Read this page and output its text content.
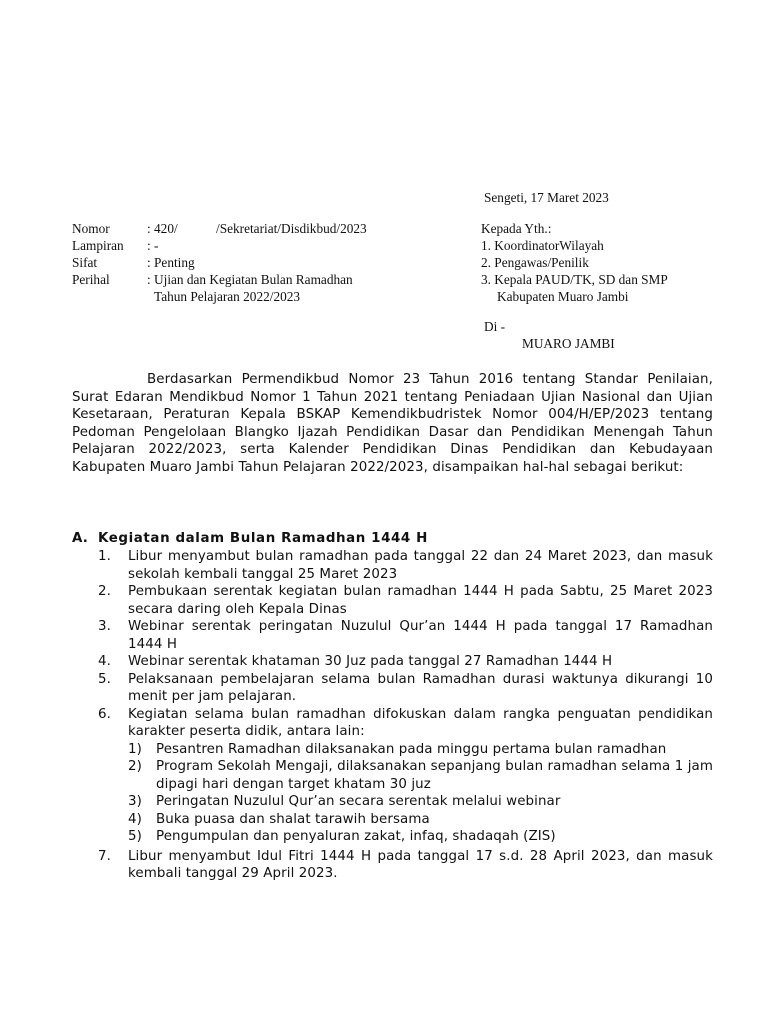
Sengeti, 17 Maret 2023
Nomor	: 420/	/Sekretariat/Disdikbud/2023
Lampiran : -
Sifat	: Penting
Perihal	: Ujian dan Kegiatan Bulan Ramadhan
Tahun Pelajaran 2022/2023
Kepada Yth.:
1. KoordinatorWilayah
2. Pengawas/Penilik
3. Kepala PAUD/TK, SD dan SMP
Kabupaten Muaro Jambi
Di -
MUARO JAMBI

Berdasarkan Permendikbud Nomor 23 Tahun 2016 tentang Standar Penilaian, Surat Edaran Mendikbud Nomor 1 Tahun 2021 tentang Peniadaan Ujian Nasional dan Ujian Kesetaraan, Peraturan Kepala BSKAP Kemendikbudristek Nomor 004/H/EP/2023 tentang Pedoman Pengelolaan Blangko Ijazah Pendidikan Dasar dan Pendidikan Menengah Tahun Pelajaran 2022/2023, serta Kalender Pendidikan Dinas Pendidikan dan Kebudayaan Kabupaten Muaro Jambi Tahun Pelajaran 2022/2023, disampaikan hal-hal sebagai berikut:

A. Kegiatan dalam Bulan Ramadhan 1444 H
1. Libur menyambut bulan ramadhan pada tanggal 22 dan 24 Maret 2023, dan masuk sekolah kembali tanggal 25 Maret 2023
2. Pembukaan serentak kegiatan bulan ramadhan 1444 H pada Sabtu, 25 Maret 2023 secara daring oleh Kepala Dinas
3. Webinar serentak peringatan Nuzulul Qur’an 1444 H pada tanggal 17 Ramadhan 1444 H
4. Webinar serentak khataman 30 Juz pada tanggal 27 Ramadhan 1444 H
5. Pelaksanaan pembelajaran selama bulan Ramadhan durasi waktunya dikurangi 10 menit per jam pelajaran.
6. Kegiatan selama bulan ramadhan difokuskan dalam rangka penguatan pendidikan karakter peserta didik, antara lain:
1) Pesantren Ramadhan dilaksanakan pada minggu pertama bulan ramadhan
2) Program Sekolah Mengaji, dilaksanakan sepanjang bulan ramadhan selama 1 jam dipagi hari dengan target khatam 30 juz
3) Peringatan Nuzulul Qur’an secara serentak melalui webinar
4) Buka puasa dan shalat tarawih bersama
5) Pengumpulan dan penyaluran zakat, infaq, shadaqah (ZIS)
7. Libur menyambut Idul Fitri 1444 H pada tanggal 17 s.d. 28 April 2023, dan masuk kembali tanggal 29 April 2023.
